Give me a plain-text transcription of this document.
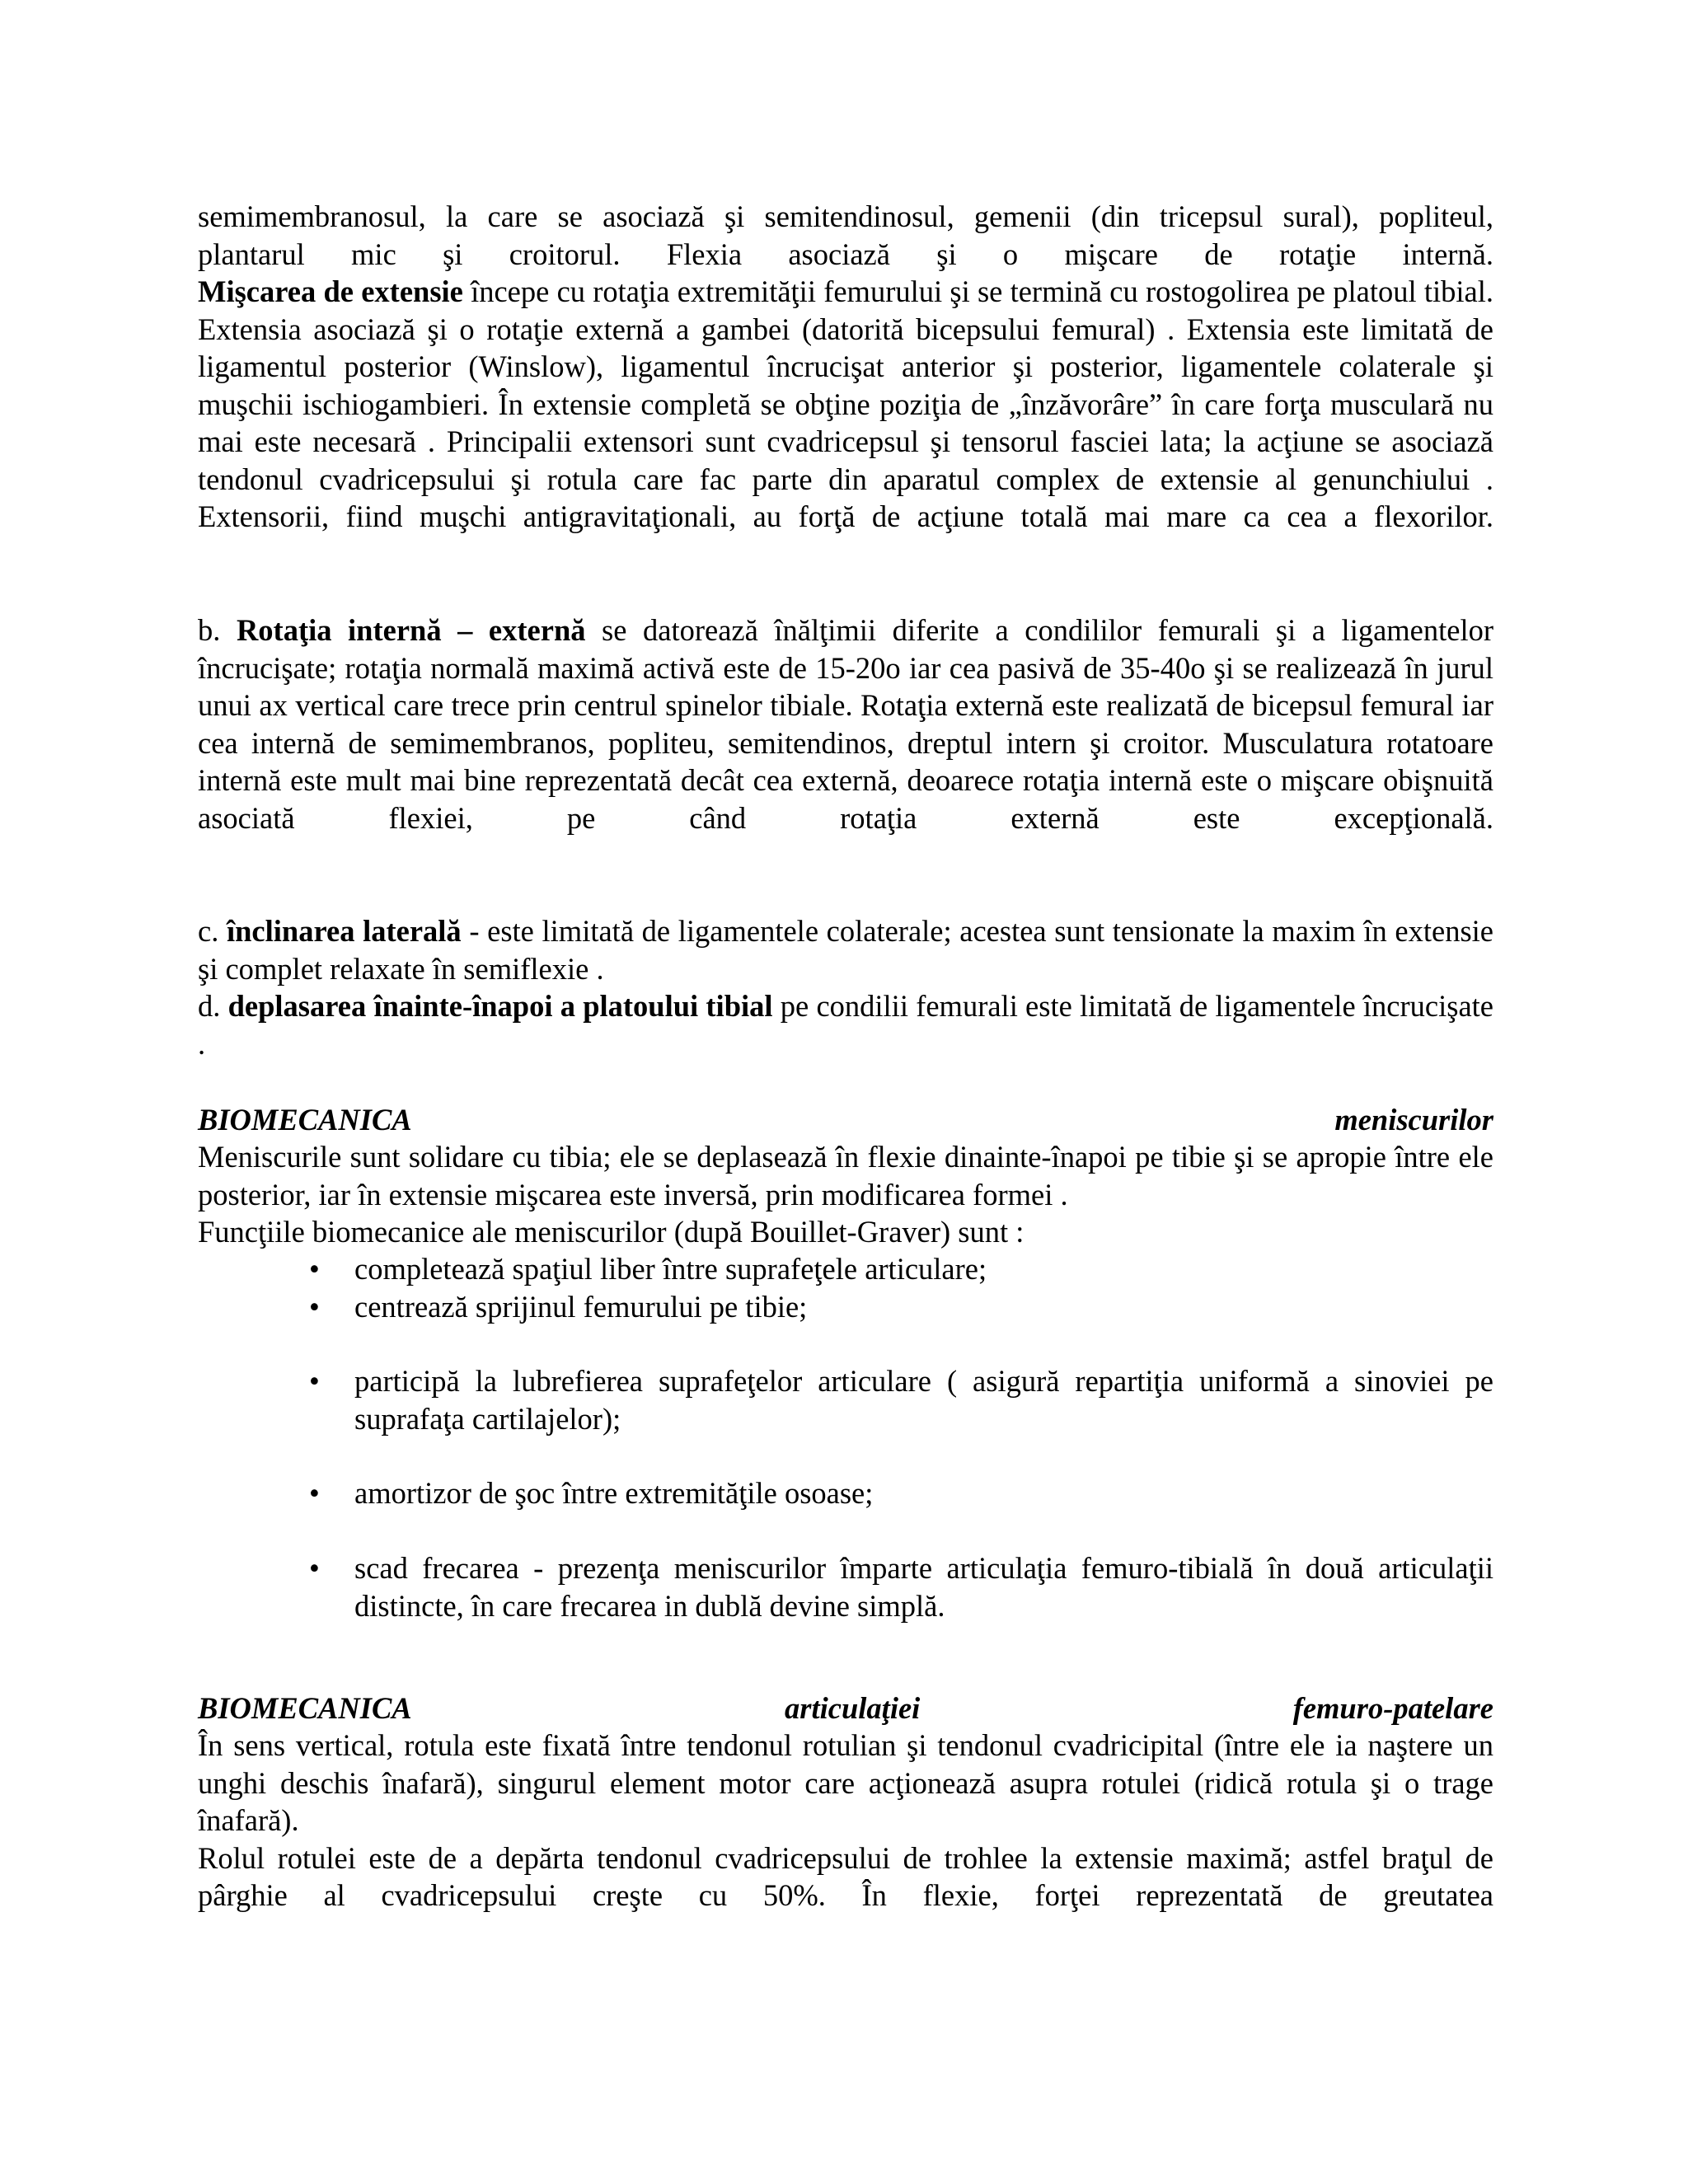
semimembranosul, la care se asociază şi semitendinosul, gemenii (din tricepsul sural), popliteul,

plantarul mic şi croitorul. Flexia asociază şi o mişcare de rotaţie internă.

Mişcarea de extensie începe cu rotaţia extremităţii femurului şi se termină cu rostogolirea pe platoul tibial. Extensia asociază şi o rotaţie externă a gambei (datorită bicepsului femural) . Extensia este limitată de ligamentul posterior (Winslow), ligamentul încrucişat anterior şi posterior, ligamentele colaterale şi muşchii ischiogambieri. În extensie completă se obţine poziţia de „înzăvorâre” în care forţa musculară nu mai este necesară . Principalii extensori sunt cvadricepsul şi tensorul fasciei lata; la acţiune se asociază tendonul cvadricepsului şi rotula care fac parte din aparatul complex de extensie al genunchiului . Extensorii, fiind muşchi antigravitaţionali, au forţă de acţiune totală mai mare ca cea a flexorilor.

b. Rotaţia internă – externă se datorează înălţimii diferite a condililor femurali şi a ligamentelor încrucişate; rotaţia normală maximă activă este de 15-20o iar cea pasivă de 35-40o şi se realizează în jurul unui ax vertical care trece prin centrul spinelor tibiale. Rotaţia externă este realizată de bicepsul femural iar cea internă de semimembranos, popliteu, semitendinos, dreptul intern şi croitor. Musculatura rotatoare internă este mult mai bine reprezentată decât cea externă, deoarece rotaţia internă este o mişcare obişnuită asociată flexiei, pe când rotaţia externă este excepţională.

c. înclinarea laterală - este limitată de ligamentele colaterale; acestea sunt tensionate la maxim în extensie şi complet relaxate în semiflexie .

d. deplasarea înainte-înapoi a platoului tibial pe condilii femurali este limitată de ligamentele încrucişate .

BIOMECANICA	meniscurilor

Meniscurile sunt solidare cu tibia; ele se deplasează în flexie dinainte-înapoi pe tibie şi se apropie între ele posterior, iar în extensie mişcarea este inversă, prin modificarea formei .

Funcţiile biomecanice ale meniscurilor (după Bouillet-Graver) sunt :

• completează spaţiul liber între suprafeţele articulare;
• centrează sprijinul femurului pe tibie;
• participă la lubrefierea suprafeţelor articulare ( asigură repartiţia uniformă a sinoviei pe suprafaţa cartilajelor);
• amortizor de şoc între extremităţile osoase;
• scad frecarea - prezenţa meniscurilor împarte articulaţia femuro-tibială în două articulaţii distincte, în care frecarea in dublă devine simplă.
BIOMECANICA	articulaţiei	femuro-patelare

În sens vertical, rotula este fixată între tendonul rotulian şi tendonul cvadricipital (între ele ia naştere un unghi deschis înafară), singurul element motor care acţionează asupra rotulei (ridică rotula şi o trage înafară).

Rolul rotulei este de a depărta tendonul cvadricepsului de trohlee la extensie maximă; astfel braţul de pârghie al cvadricepsului creşte cu 50%. În flexie, forţei reprezentată de greutatea
